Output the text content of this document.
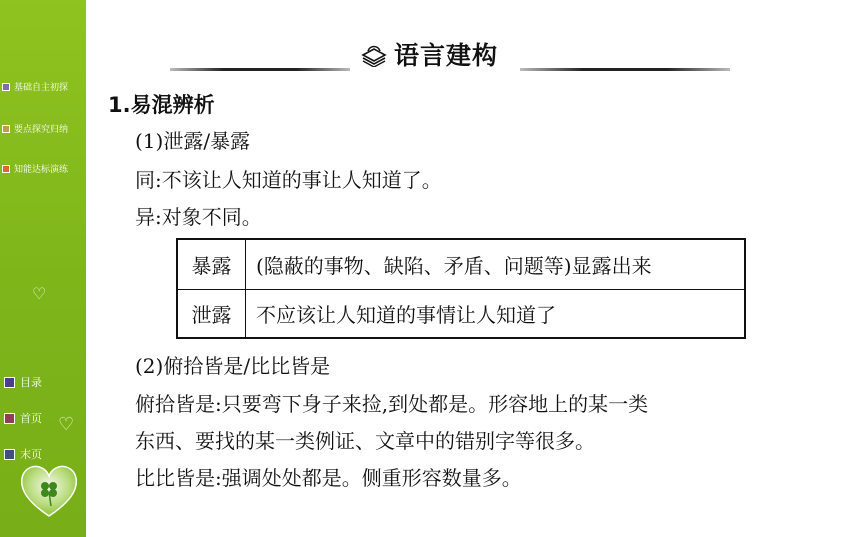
基础自主初探
要点探究归纳
知能达标演练
♡
目录
首页 ♡
末页
语言建构
1.易混辨析
(1)泄露/暴露
同:不该让人知道的事让人知道了。
异:对象不同。
暴露	(隐蔽的事物、缺陷、矛盾、问题等)显露出来
泄露	不应该让人知道的事情让人知道了
(2)俯拾皆是/比比皆是
俯拾皆是:只要弯下身子来捡,到处都是。形容地上的某一类
东西、要找的某一类例证、文章中的错别字等很多。
比比皆是:强调处处都是。侧重形容数量多。
